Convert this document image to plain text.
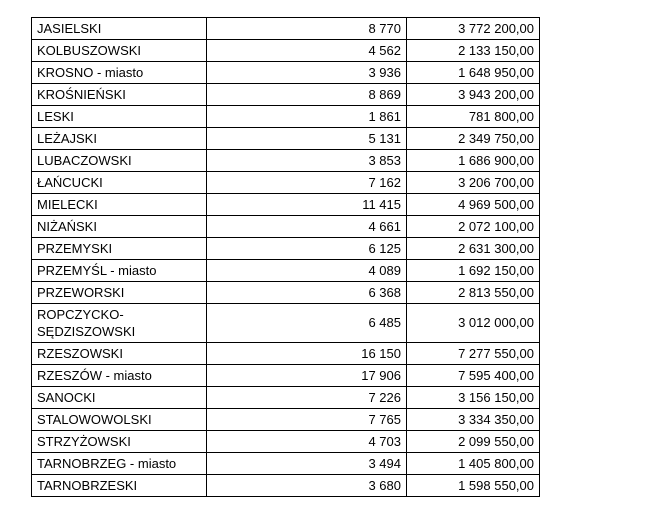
JASIELSKI	8 770	3 772 200,00
KOLBUSZOWSKI	4 562	2 133 150,00
KROSNO - miasto	3 936	1 648 950,00
KROŚNIEŃSKI	8 869	3 943 200,00
LESKI	1 861	781 800,00
LEŻAJSKI	5 131	2 349 750,00
LUBACZOWSKI	3 853	1 686 900,00
ŁAŃCUCKI	7 162	3 206 700,00
MIELECKI	11 415	4 969 500,00
NIŻAŃSKI	4 661	2 072 100,00
PRZEMYSKI	6 125	2 631 300,00
PRZEMYŚL - miasto	4 089	1 692 150,00
PRZEWORSKI	6 368	2 813 550,00
ROPCZYCKO-SĘDZISZOWSKI	6 485	3 012 000,00
RZESZOWSKI	16 150	7 277 550,00
RZESZÓW - miasto	17 906	7 595 400,00
SANOCKI	7 226	3 156 150,00
STALOWOWOLSKI	7 765	3 334 350,00
STRZYŻOWSKI	4 703	2 099 550,00
TARNOBRZEG - miasto	3 494	1 405 800,00
TARNOBRZESKI	3 680	1 598 550,00
